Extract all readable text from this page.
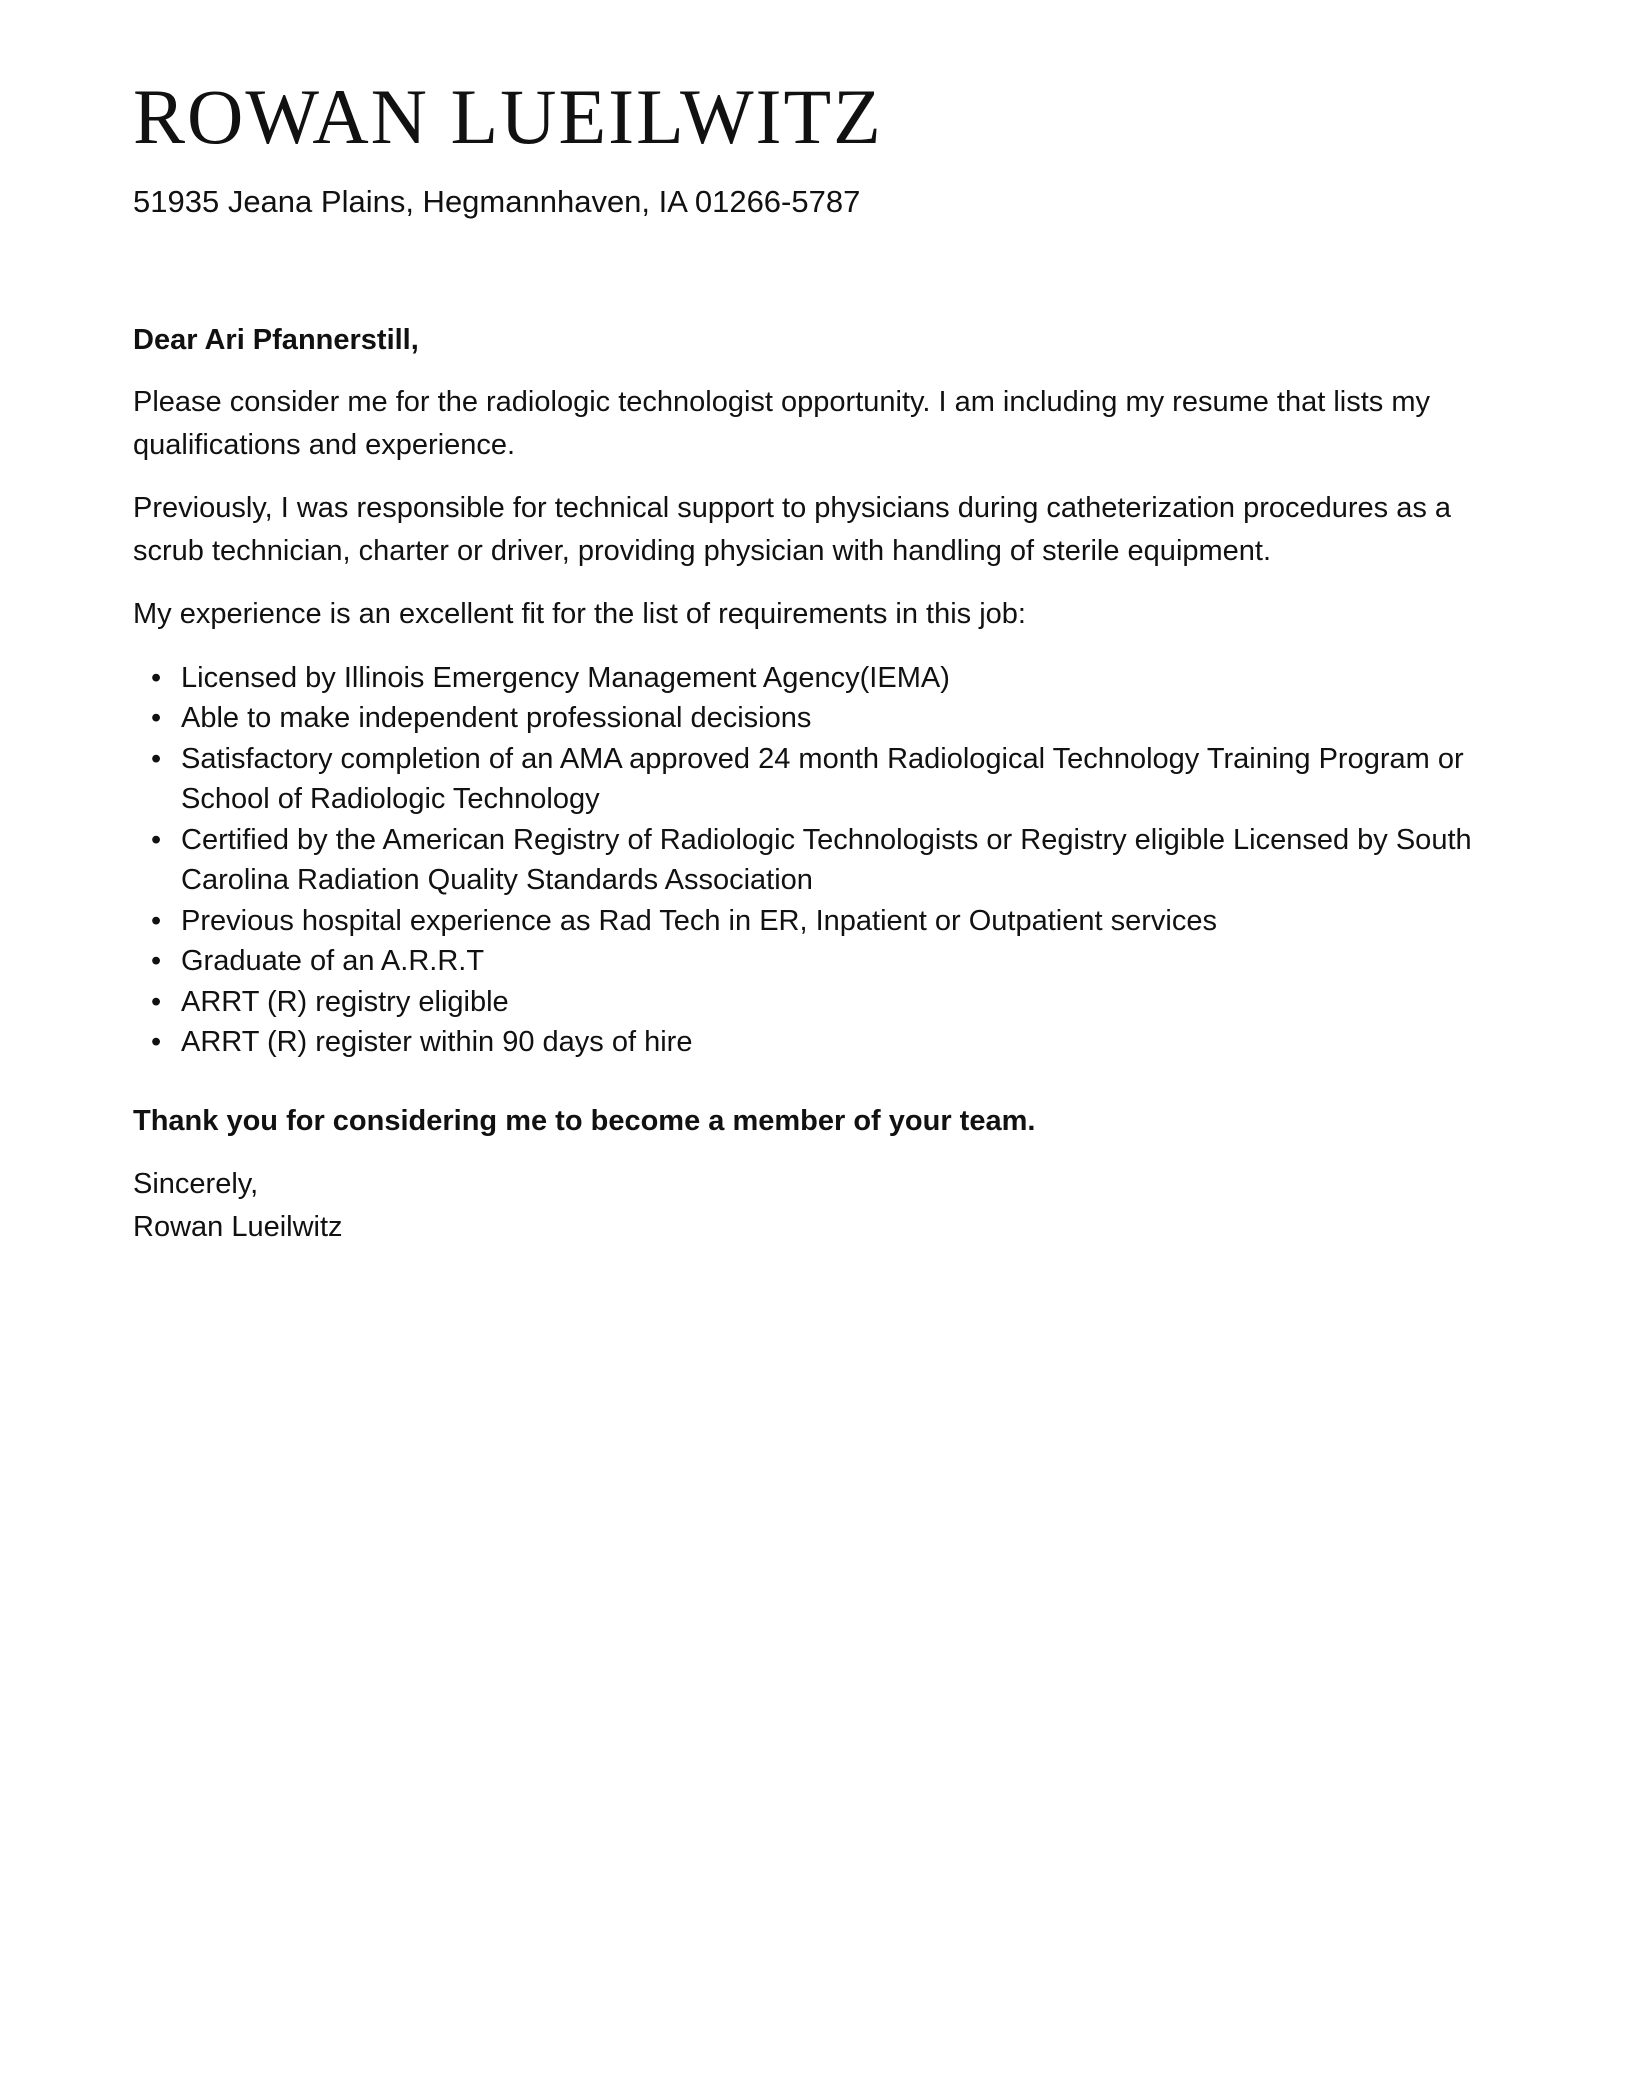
ROWAN LUEILWITZ
51935 Jeana Plains, Hegmannhaven, IA 01266-5787
Dear Ari Pfannerstill,
Please consider me for the radiologic technologist opportunity. I am including my resume that lists my qualifications and experience.
Previously, I was responsible for technical support to physicians during catheterization procedures as a scrub technician, charter or driver, providing physician with handling of sterile equipment.
My experience is an excellent fit for the list of requirements in this job:
• Licensed by Illinois Emergency Management Agency(IEMA)
• Able to make independent professional decisions
• Satisfactory completion of an AMA approved 24 month Radiological Technology Training Program or School of Radiologic Technology
• Certified by the American Registry of Radiologic Technologists or Registry eligible Licensed by South Carolina Radiation Quality Standards Association
• Previous hospital experience as Rad Tech in ER, Inpatient or Outpatient services
• Graduate of an A.R.R.T
• ARRT (R) registry eligible
• ARRT (R) register within 90 days of hire
Thank you for considering me to become a member of your team.
Sincerely,
Rowan Lueilwitz
